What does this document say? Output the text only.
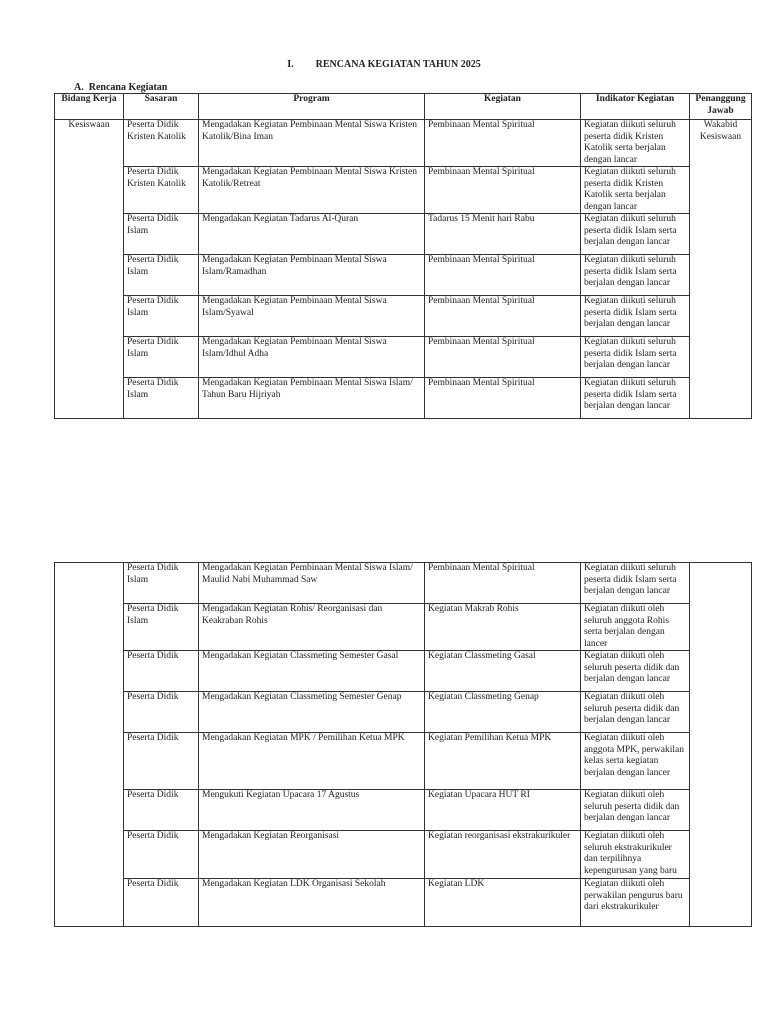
I. RENCANA KEGIATAN TAHUN 2025
A. Rencana Kegiatan
Bidang Kerja	Sasaran	Program	Kegiatan	Indikator Kegiatan	Penanggung Jawab
Kesiswaan	Peserta Didik Kristen Katolik	Mengadakan Kegiatan Pembinaan Mental Siswa Kristen Katolik/Bina Iman	Pembinaan Mental Spiritual	Kegiatan diikuti seluruh peserta didik Kristen Katolik serta berjalan dengan lancar	Wakabid Kesiswaan
	Peserta Didik Kristen Katolik	Mengadakan Kegiatan Pembinaan Mental Siswa Kristen Katolik/Retreat	Pembinaan Mental Spiritual	Kegiatan diikuti seluruh peserta didik Kristen Katolik serta berjalan dengan lancar	
	Peserta Didik Islam	Mengadakan Kegiatan Tadarus Al-Quran	Tadarus 15 Menit hari Rabu	Kegiatan diikuti seluruh peserta didik Islam serta berjalan dengan lancar	
	Peserta Didik Islam	Mengadakan Kegiatan Pembinaan Mental Siswa Islam/Ramadhan	Pembinaan Mental Spiritual	Kegiatan diikuti seluruh peserta didik Islam serta berjalan dengan lancar	
	Peserta Didik Islam	Mengadakan Kegiatan Pembinaan Mental Siswa Islam/Syawal	Pembinaan Mental Spiritual	Kegiatan diikuti seluruh peserta didik Islam serta berjalan dengan lancar	
	Peserta Didik Islam	Mengadakan Kegiatan Pembinaan Mental Siswa Islam/Idhul Adha	Pembinaan Mental Spiritual	Kegiatan diikuti seluruh peserta didik Islam serta berjalan dengan lancar	
	Peserta Didik Islam	Mengadakan Kegiatan Pembinaan Mental Siswa Islam/ Tahun Baru Hijriyah	Pembinaan Mental Spiritual	Kegiatan diikuti seluruh peserta didik Islam serta berjalan dengan lancar	
	Peserta Didik Islam	Mengadakan Kegiatan Pembinaan Mental Siswa Islam/ Maulid Nabi Muhammad Saw	Pembinaan Mental Spiritual	Kegiatan diikuti seluruh peserta didik Islam serta berjalan dengan lancar	
	Peserta Didik Islam	Mengadakan Kegiatan Rohis/ Reorganisasi dan Keakraban Rohis	Kegiatan Makrab Rohis	Kegiatan diikuti oleh seluruh anggota Rohis serta berjalan dengan lancer	
	Peserta Didik	Mengadakan Kegiatan Classmeting Semester Gasal	Kegiatan Classmeting Gasal	Kegiatan diikuti oleh seluruh peserta didik dan berjalan dengan lancar	
	Peserta Didik	Mengadakan Kegiatan Classmeting Semester Genap	Kegiatan Classmeting Genap	Kegiatan diikuti oleh seluruh peserta didik dan berjalan dengan lancar	
	Peserta Didik	Mengadakan Kegiatan MPK / Pemilihan Ketua MPK	Kegiatan Pemilihan Ketua MPK	Kegiatan diikuti oleh anggota MPK, perwakilan kelas serta kegiatan berjalan dengan lancer	
	Peserta Didik	Mengukuti Kegiatan Upacara 17 Agustus	Kegiatan Upacara HUT RI	Kegiatan diikuti oleh seluruh peserta didik dan berjalan dengan lancar	
	Peserta Didik	Mengadakan Kegiatan Reorganisasi	Kegiatan reorganisasi ekstrakurikuler	Kegiatan diikuti oleh seluruh ekstrakurikuler dan terpilihnya kepengurusan yang baru	
	Peserta Didik	Mengadakan Kegiatan LDK Organisasi Sekolah	Kegiatan LDK	Kegiatan diikuti oleh perwakilan pengurus baru dari ekstrakurikuler	
